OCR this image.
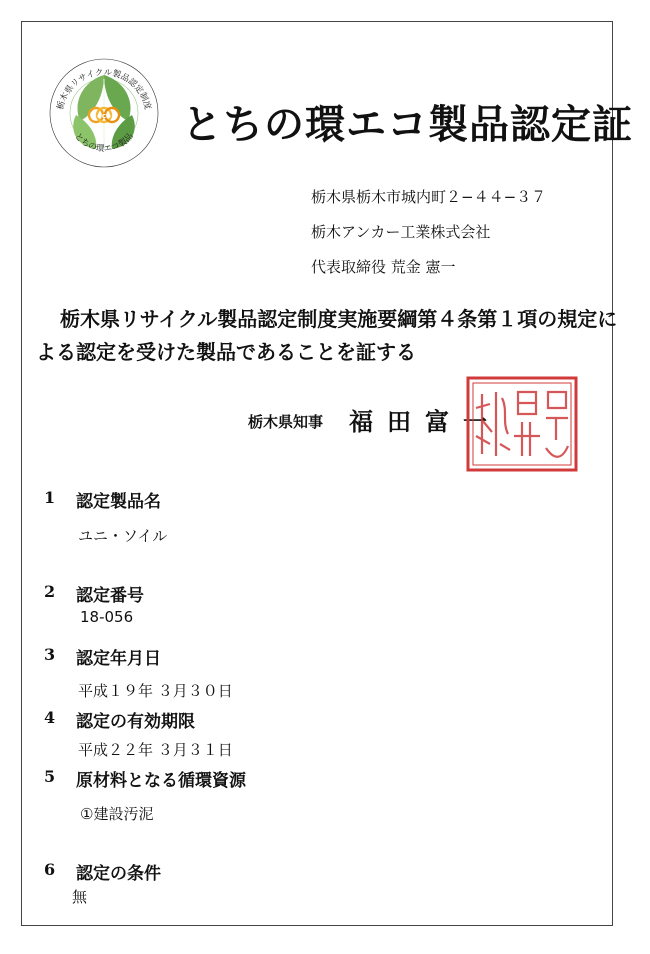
eco
栃木県リサイクル製品認定制度
とちの環エコ製品 とちの環エコ製品認定証
栃木県栃木市城内町２−４４−３７
栃木アンカー工業株式会社
代表取締役 荒金 憲一
栃木県リサイクル製品認定制度実施要綱第４条第１項の規定に
よる認定を受けた製品であることを証する
栃木県知事 福田富一
1 認定製品名
ユニ・ソイル
2 認定番号
18-056
3 認定年月日
平成１９年 ３月３０日
4 認定の有効期限
平成２２年 ３月３１日
5 原材料となる循環資源
①建設汚泥
6 認定の条件
無
